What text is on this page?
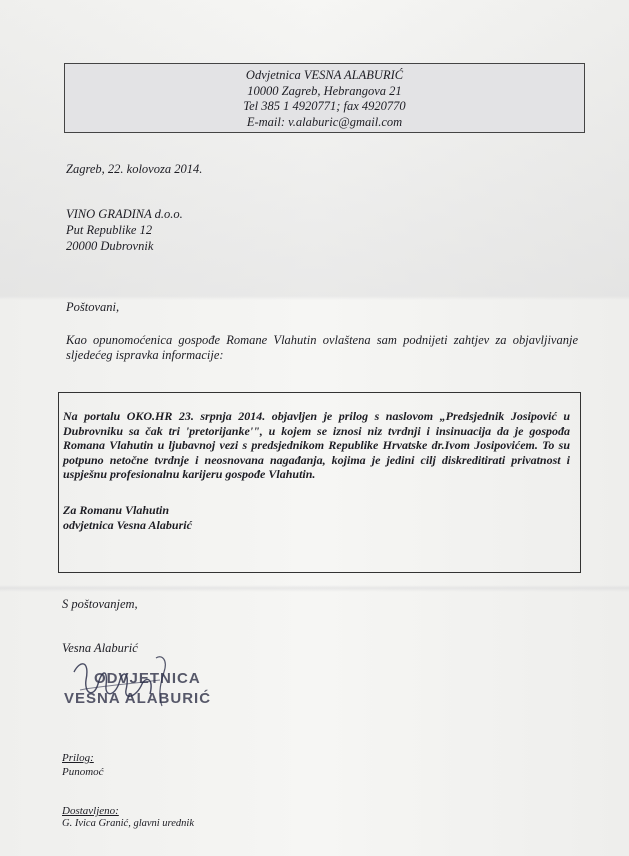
Odvjetnica VESNA ALABURIĆ
10000 Zagreb, Hebrangova 21
Tel 385 1 4920771; fax 4920770
E-mail: v.alaburic@gmail.com
Zagreb, 22. kolovoza 2014.
VINO GRADINA d.o.o.
Put Republike 12
20000 Dubrovnik
Poštovani,
Kao opunomoćenica gospođe Romane Vlahutin ovlaštena sam podnijeti zahtjev za objavljivanje sljedećeg ispravka informacije:
Na portalu OKO.HR 23. srpnja 2014. objavljen je prilog s naslovom „Predsjednik Josipović u Dubrovniku sa čak tri 'pretorijanke'", u kojem se iznosi niz tvrdnji i insinuacija da je gospođa Romana Vlahutin u ljubavnoj vezi s predsjednikom Republike Hrvatske dr.Ivom Josipovićem. To su potpuno netočne tvrdnje i neosnovana nagađanja, kojima je jedini cilj diskreditirati privatnost i uspješnu profesionalnu karijeru gospođe Vlahutin.
Za Romanu Vlahutin
odvjetnica Vesna Alaburić
S poštovanjem,
Vesna Alaburić
ODVJETNICA
VESNA ALABURIĆ
Prilog:
Punomoć
Dostavljeno:
G. Ivica Granić, glavni urednik
